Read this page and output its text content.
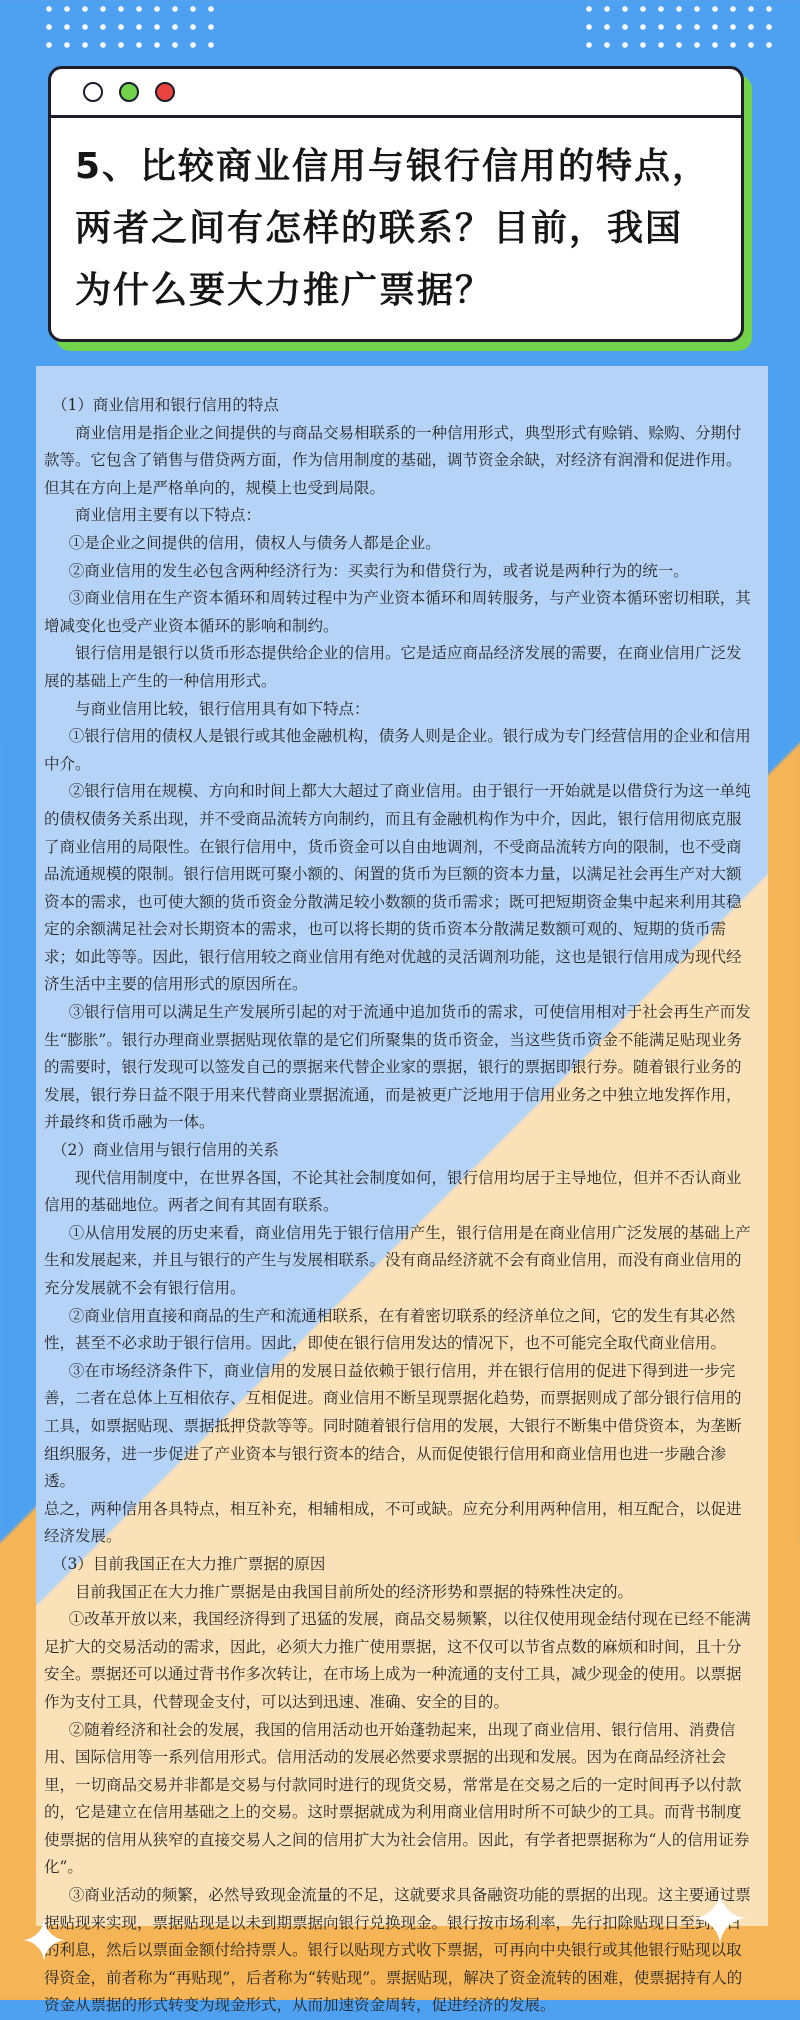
5、比较商业信用与银行信用的特点，两者之间有怎样的联系？目前，我国为什么要大力推广票据？

（1）商业信用和银行信用的特点

商业信用是指企业之间提供的与商品交易相联系的一种信用形式，典型形式有赊销、赊购、分期付款等。它包含了销售与借贷两方面，作为信用制度的基础，调节资金余缺，对经济有润滑和促进作用。但其在方向上是严格单向的，规模上也受到局限。

商业信用主要有以下特点：

①是企业之间提供的信用，债权人与债务人都是企业。

②商业信用的发生必包含两种经济行为：买卖行为和借贷行为，或者说是两种行为的统一。

③商业信用在生产资本循环和周转过程中为产业资本循环和周转服务，与产业资本循环密切相联，其增减变化也受产业资本循环的影响和制约。

银行信用是银行以货币形态提供给企业的信用。它是适应商品经济发展的需要，在商业信用广泛发展的基础上产生的一种信用形式。

与商业信用比较，银行信用具有如下特点：

①银行信用的债权人是银行或其他金融机构，债务人则是企业。银行成为专门经营信用的企业和信用中介。

②银行信用在规模、方向和时间上都大大超过了商业信用。由于银行一开始就是以借贷行为这一单纯的债权债务关系出现，并不受商品流转方向制约，而且有金融机构作为中介，因此，银行信用彻底克服了商业信用的局限性。在银行信用中，货币资金可以自由地调剂，不受商品流转方向的限制，也不受商品流通规模的限制。银行信用既可聚小额的、闲置的货币为巨额的资本力量，以满足社会再生产对大额资本的需求，也可使大额的货币资金分散满足较小数额的货币需求；既可把短期资金集中起来利用其稳定的余额满足社会对长期资本的需求，也可以将长期的货币资本分散满足数额可观的、短期的货币需求；如此等等。因此，银行信用较之商业信用有绝对优越的灵活调剂功能，这也是银行信用成为现代经济生活中主要的信用形式的原因所在。

③银行信用可以满足生产发展所引起的对于流通中追加货币的需求，可使信用相对于社会再生产而发生“膨胀”。银行办理商业票据贴现依靠的是它们所聚集的货币资金，当这些货币资金不能满足贴现业务的需要时，银行发现可以签发自己的票据来代替企业家的票据，银行的票据即银行券。随着银行业务的发展，银行券日益不限于用来代替商业票据流通，而是被更广泛地用于信用业务之中独立地发挥作用，并最终和货币融为一体。

（2）商业信用与银行信用的关系

现代信用制度中，在世界各国，不论其社会制度如何，银行信用均居于主导地位，但并不否认商业信用的基础地位。两者之间有其固有联系。

①从信用发展的历史来看，商业信用先于银行信用产生，银行信用是在商业信用广泛发展的基础上产生和发展起来，并且与银行的产生与发展相联系。没有商品经济就不会有商业信用，而没有商业信用的充分发展就不会有银行信用。

②商业信用直接和商品的生产和流通相联系，在有着密切联系的经济单位之间，它的发生有其必然性，甚至不必求助于银行信用。因此，即使在银行信用发达的情况下，也不可能完全取代商业信用。

③在市场经济条件下，商业信用的发展日益依赖于银行信用，并在银行信用的促进下得到进一步完善，二者在总体上互相依存、互相促进。商业信用不断呈现票据化趋势，而票据则成了部分银行信用的工具，如票据贴现、票据抵押贷款等等。同时随着银行信用的发展，大银行不断集中借贷资本，为垄断组织服务，进一步促进了产业资本与银行资本的结合，从而促使银行信用和商业信用也进一步融合渗透。

总之，两种信用各具特点，相互补充，相辅相成，不可或缺。应充分利用两种信用，相互配合，以促进经济发展。

（3）目前我国正在大力推广票据的原因

目前我国正在大力推广票据是由我国目前所处的经济形势和票据的特殊性决定的。

①改革开放以来，我国经济得到了迅猛的发展，商品交易频繁，以往仅使用现金结付现在已经不能满足扩大的交易活动的需求，因此，必须大力推广使用票据，这不仅可以节省点数的麻烦和时间，且十分安全。票据还可以通过背书作多次转让，在市场上成为一种流通的支付工具，减少现金的使用。以票据作为支付工具，代替现金支付，可以达到迅速、准确、安全的目的。

②随着经济和社会的发展，我国的信用活动也开始蓬勃起来，出现了商业信用、银行信用、消费信用、国际信用等一系列信用形式。信用活动的发展必然要求票据的出现和发展。因为在商品经济社会里，一切商品交易并非都是交易与付款同时进行的现货交易，常常是在交易之后的一定时间再予以付款的，它是建立在信用基础之上的交易。这时票据就成为利用商业信用时所不可缺少的工具。而背书制度使票据的信用从狭窄的直接交易人之间的信用扩大为社会信用。因此，有学者把票据称为“人的信用证券化”。

③商业活动的频繁，必然导致现金流量的不足，这就要求具备融资功能的票据的出现。这主要通过票据贴现来实现，票据贴现是以未到期票据向银行兑换现金。银行按市场利率，先行扣除贴现日至到期日的利息，然后以票面金额付给持票人。银行以贴现方式收下票据，可再向中央银行或其他银行贴现以取得资金，前者称为“再贴现”，后者称为“转贴现”。票据贴现，解决了资金流转的困难，使票据持有人的资金从票据的形式转变为现金形式，从而加速资金周转，促进经济的发展。

✦	✦
